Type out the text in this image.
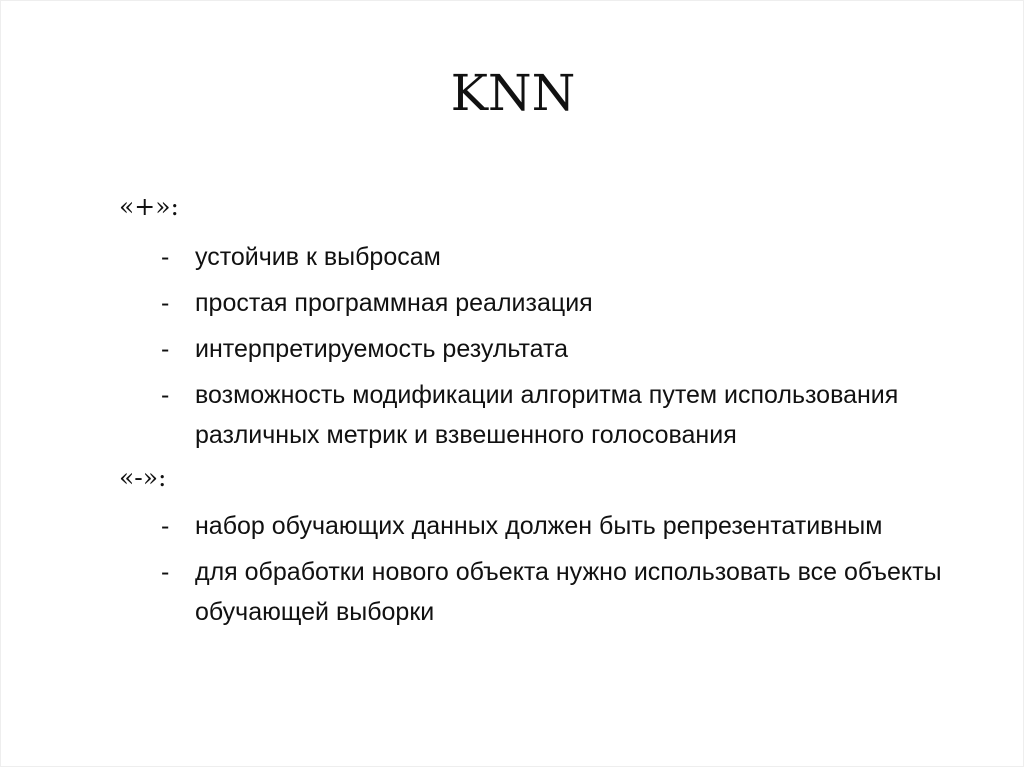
KNN
«+»:
- устойчив к выбросам
- простая программная реализация
- интерпретируемость результата
- возможность модификации алгоритма путем использования различных метрик и взвешенного голосования
«-»:
- набор обучающих данных должен быть репрезентативным
- для обработки нового объекта нужно использовать все объекты обучающей выборки
